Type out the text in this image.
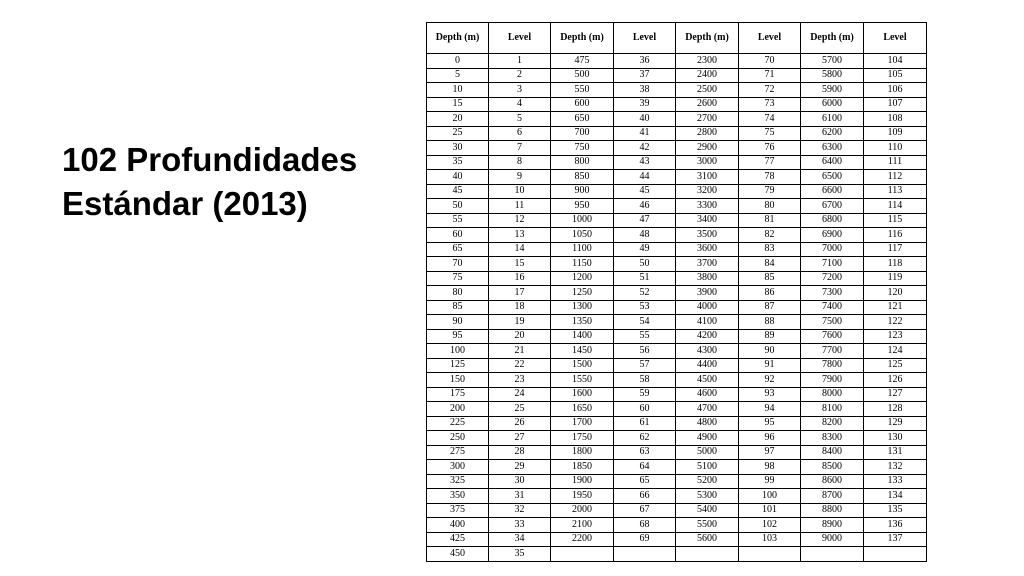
102 Profundidades
Estándar (2013)
Depth (m)	Level	Depth (m)	Level	Depth (m)	Level	Depth (m)	Level
0	1	475	36	2300	70	5700	104
5	2	500	37	2400	71	5800	105
10	3	550	38	2500	72	5900	106
15	4	600	39	2600	73	6000	107
20	5	650	40	2700	74	6100	108
25	6	700	41	2800	75	6200	109
30	7	750	42	2900	76	6300	110
35	8	800	43	3000	77	6400	111
40	9	850	44	3100	78	6500	112
45	10	900	45	3200	79	6600	113
50	11	950	46	3300	80	6700	114
55	12	1000	47	3400	81	6800	115
60	13	1050	48	3500	82	6900	116
65	14	1100	49	3600	83	7000	117
70	15	1150	50	3700	84	7100	118
75	16	1200	51	3800	85	7200	119
80	17	1250	52	3900	86	7300	120
85	18	1300	53	4000	87	7400	121
90	19	1350	54	4100	88	7500	122
95	20	1400	55	4200	89	7600	123
100	21	1450	56	4300	90	7700	124
125	22	1500	57	4400	91	7800	125
150	23	1550	58	4500	92	7900	126
175	24	1600	59	4600	93	8000	127
200	25	1650	60	4700	94	8100	128
225	26	1700	61	4800	95	8200	129
250	27	1750	62	4900	96	8300	130
275	28	1800	63	5000	97	8400	131
300	29	1850	64	5100	98	8500	132
325	30	1900	65	5200	99	8600	133
350	31	1950	66	5300	100	8700	134
375	32	2000	67	5400	101	8800	135
400	33	2100	68	5500	102	8900	136
425	34	2200	69	5600	103	9000	137
450	35						
